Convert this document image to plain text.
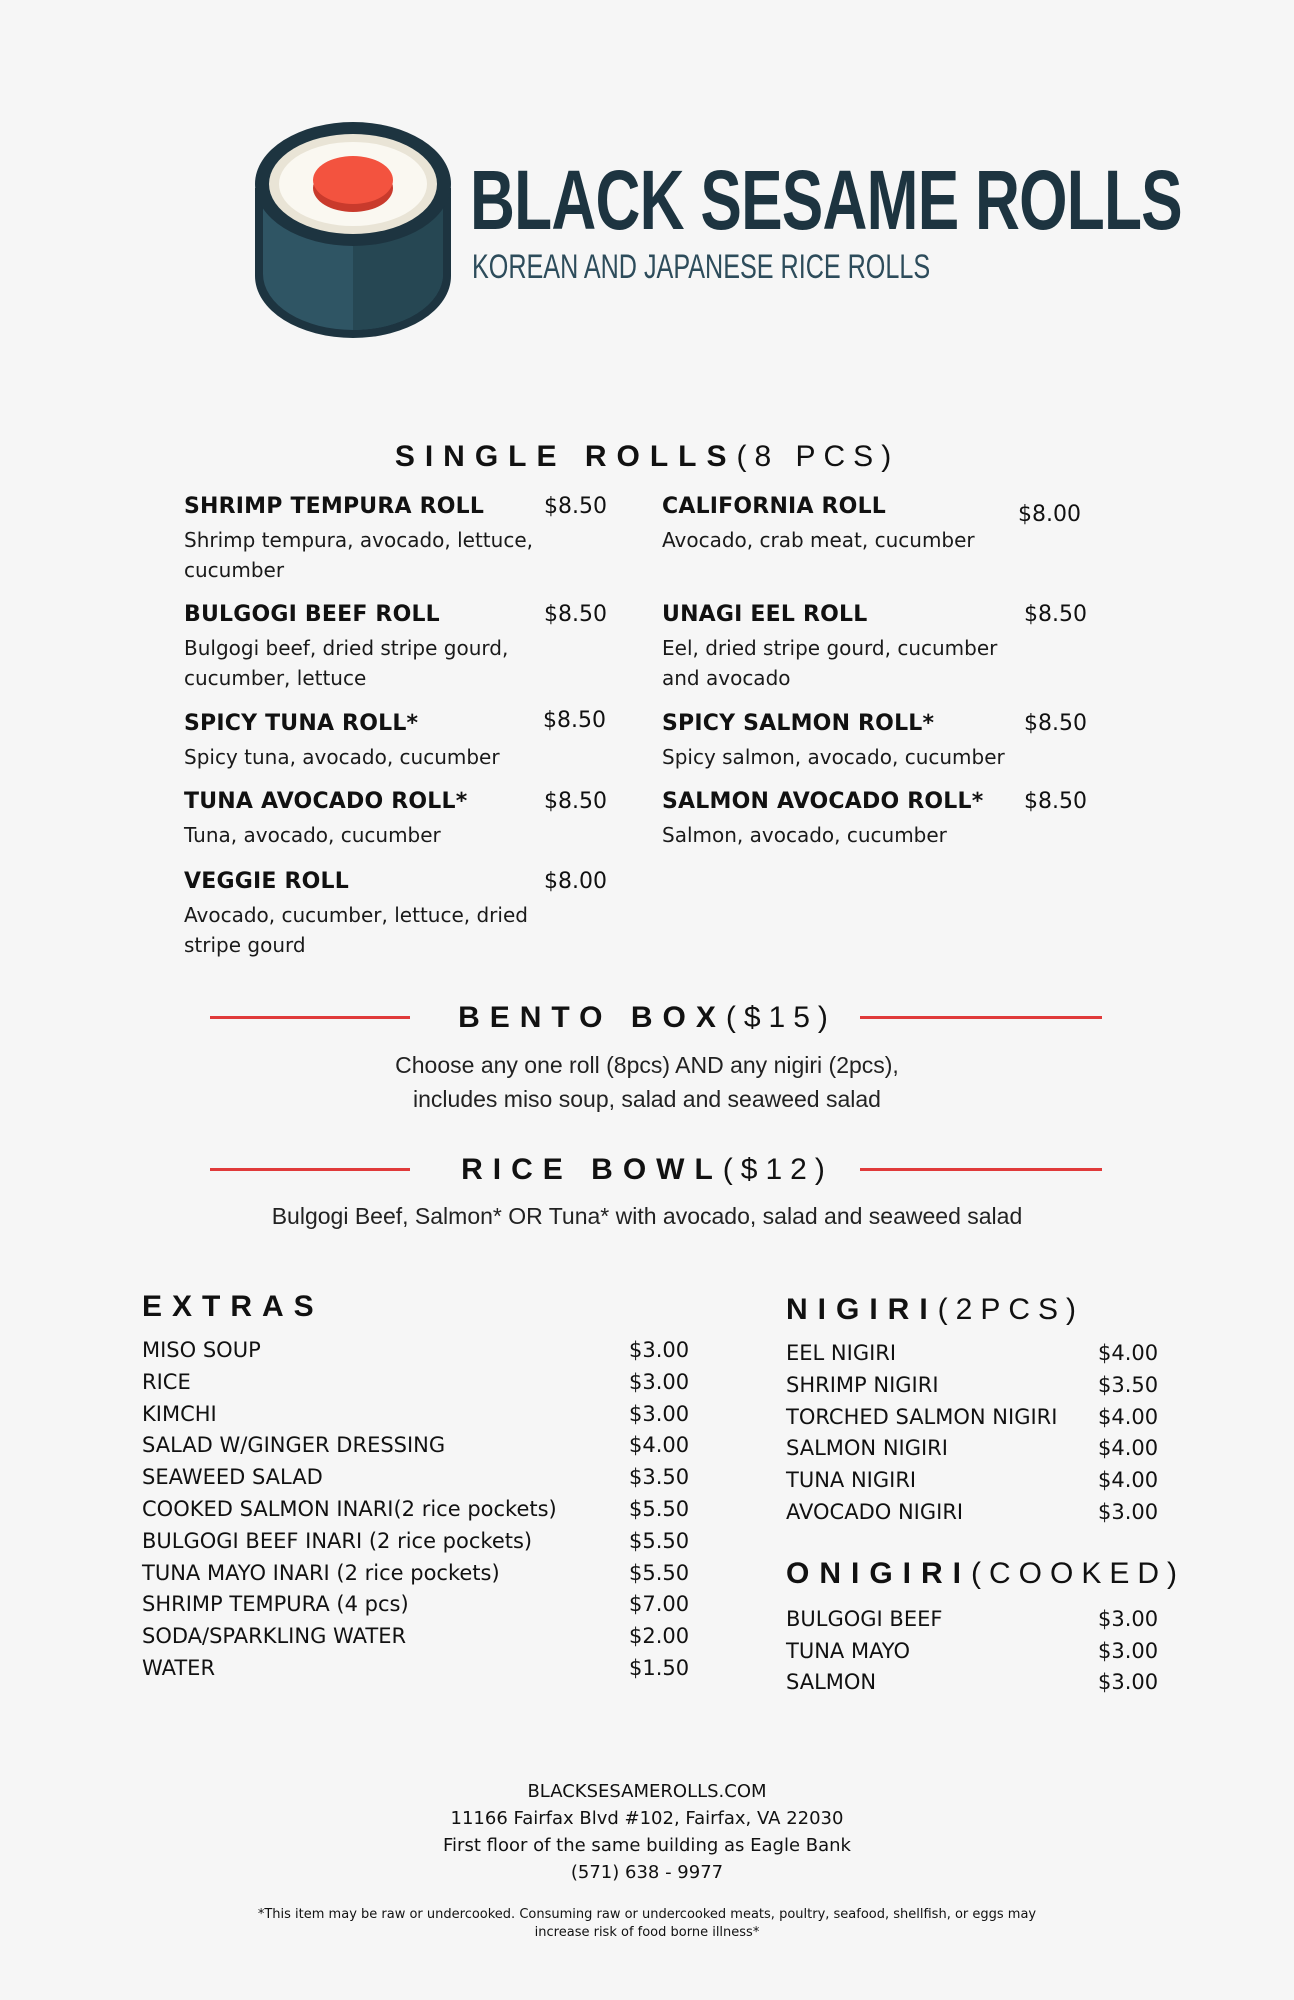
BLACK SESAME ROLLS
KOREAN AND JAPANESE RICE ROLLS
SINGLE ROLLS(8 PCS)
SHRIMP TEMPURA ROLL	$8.50
Shrimp tempura, avocado, lettuce, cucumber
BULGOGI BEEF ROLL	$8.50
Bulgogi beef, dried stripe gourd, cucumber, lettuce
SPICY TUNA ROLL*	$8.50
Spicy tuna, avocado, cucumber
TUNA AVOCADO ROLL*	$8.50
Tuna, avocado, cucumber
VEGGIE ROLL	$8.00
Avocado, cucumber, lettuce, dried stripe gourd
CALIFORNIA ROLL	$8.00
Avocado, crab meat, cucumber
UNAGI EEL ROLL	$8.50
Eel, dried stripe gourd, cucumber and avocado
SPICY SALMON ROLL*	$8.50
Spicy salmon, avocado, cucumber
SALMON AVOCADO ROLL* $8.50
Salmon, avocado, cucumber
BENTO BOX($15)
Choose any one roll (8pcs) AND any nigiri (2pcs),
includes miso soup, salad and seaweed salad
RICE BOWL($12)
Bulgogi Beef, Salmon* OR Tuna* with avocado, salad and seaweed salad
EXTRAS
MISO SOUP	$3.00
RICE	$3.00
KIMCHI	$3.00
SALAD W/GINGER DRESSING	$4.00
SEAWEED SALAD	$3.50
COOKED SALMON INARI(2 rice pockets)	$5.50
BULGOGI BEEF INARI (2 rice pockets)	$5.50
TUNA MAYO INARI (2 rice pockets)	$5.50
SHRIMP TEMPURA (4 pcs)	$7.00
SODA/SPARKLING WATER	$2.00
WATER	$1.50
NIGIRI(2PCS)
EEL NIGIRI	$4.00
SHRIMP NIGIRI	$3.50
TORCHED SALMON NIGIRI $4.00
SALMON NIGIRI	$4.00
TUNA NIGIRI	$4.00
AVOCADO NIGIRI	$3.00
ONIGIRI(COOKED)
BULGOGI BEEF	$3.00
TUNA MAYO	$3.00
SALMON	$3.00
BLACKSESAMEROLLS.COM
11166 Fairfax Blvd #102, Fairfax, VA 22030
First floor of the same building as Eagle Bank
(571) 638 - 9977
*This item may be raw or undercooked. Consuming raw or undercooked meats, poultry, seafood, shellfish, or eggs may
increase risk of food borne illness*
